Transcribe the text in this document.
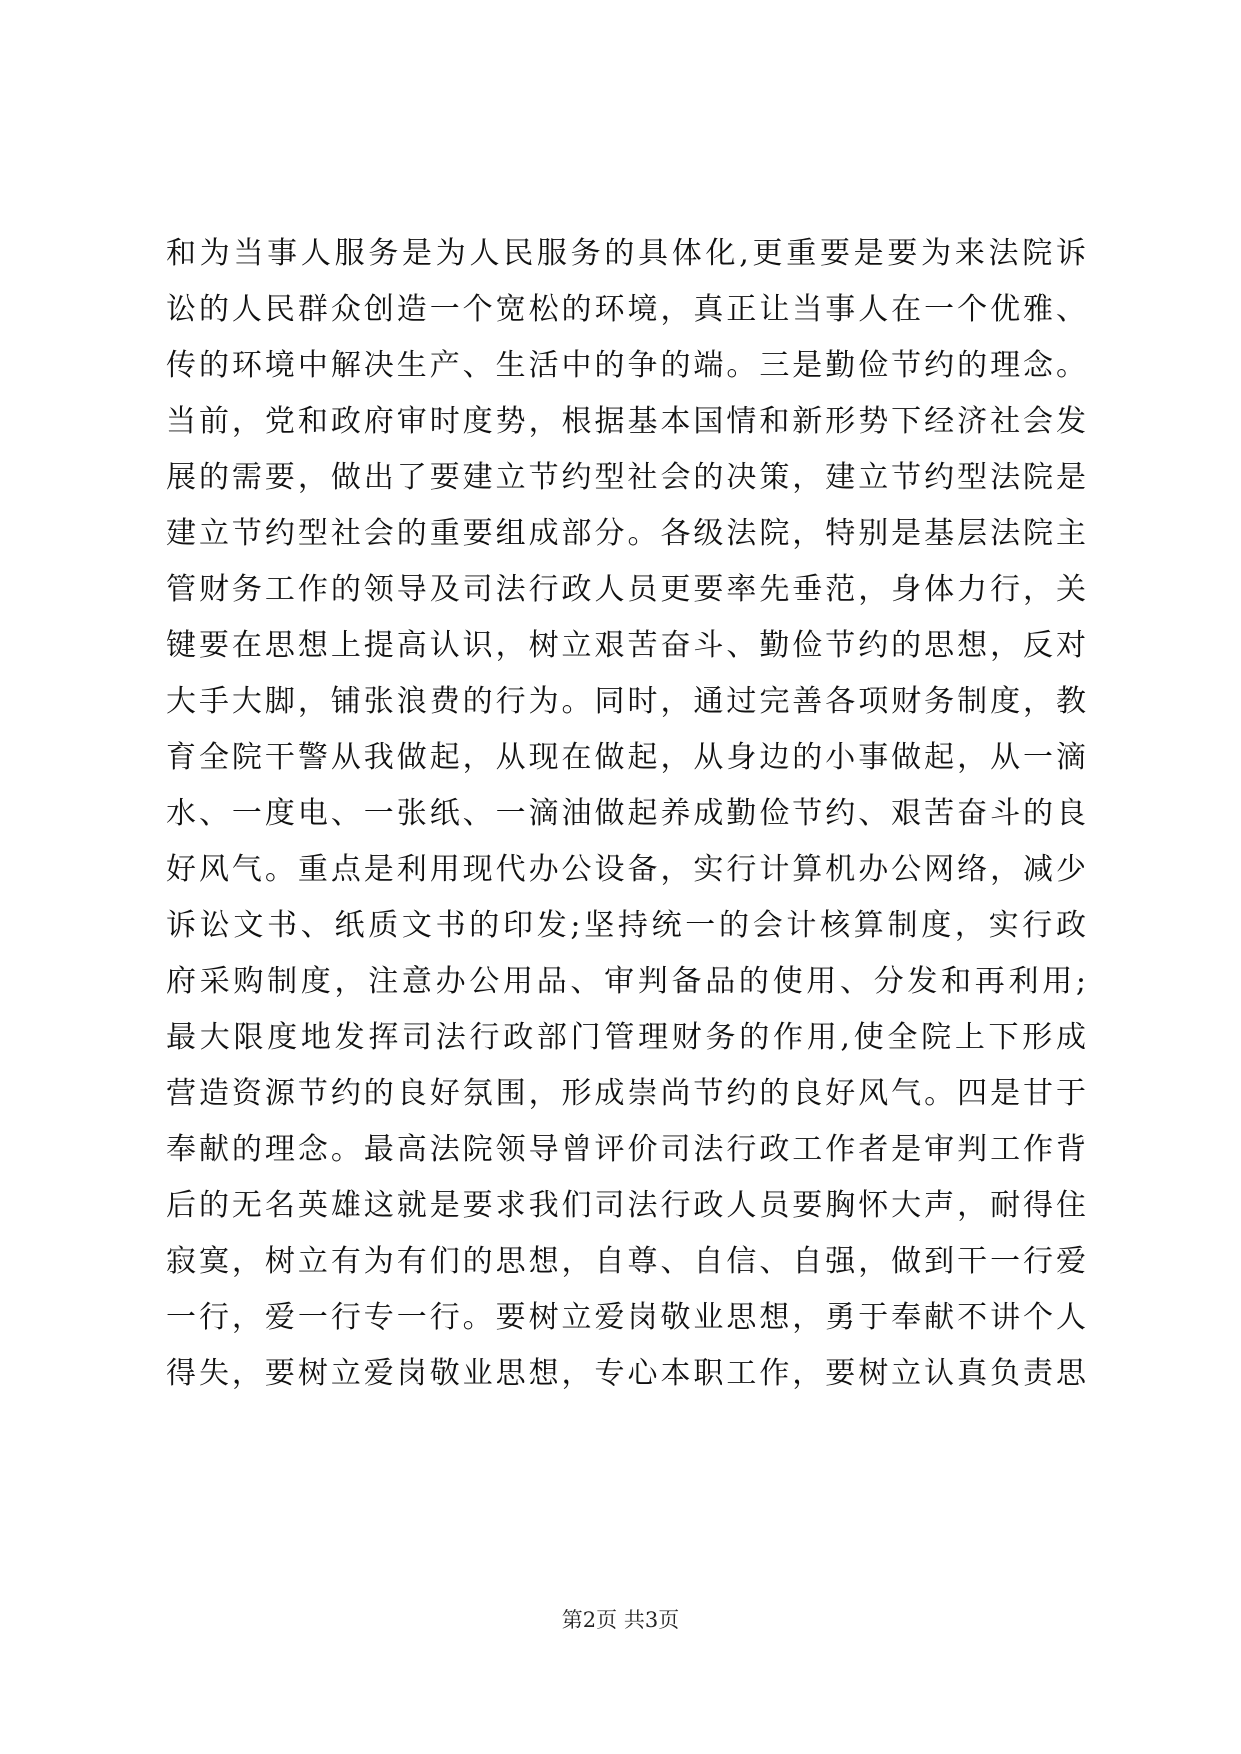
和为当事人服务是为人民服务的具体化,更重要是要为来法院诉
讼的人民群众创造一个宽松的环境，真正让当事人在一个优雅、
传的环境中解决生产、生活中的争的端。三是勤俭节约的理念。
当前，党和政府审时度势，根据基本国情和新形势下经济社会发
展的需要，做出了要建立节约型社会的决策，建立节约型法院是
建立节约型社会的重要组成部分。各级法院，特别是基层法院主
管财务工作的领导及司法行政人员更要率先垂范，身体力行，关
键要在思想上提高认识，树立艰苦奋斗、勤俭节约的思想，反对
大手大脚，铺张浪费的行为。同时，通过完善各项财务制度，教
育全院干警从我做起，从现在做起，从身边的小事做起，从一滴
水、一度电、一张纸、一滴油做起养成勤俭节约、艰苦奋斗的良
好风气。重点是利用现代办公设备，实行计算机办公网络，减少
诉讼文书、纸质文书的印发;坚持统一的会计核算制度，实行政
府采购制度，注意办公用品、审判备品的使用、分发和再利用;
最大限度地发挥司法行政部门管理财务的作用,使全院上下形成
营造资源节约的良好氛围，形成崇尚节约的良好风气。四是甘于
奉献的理念。最高法院领导曾评价司法行政工作者是审判工作背
后的无名英雄这就是要求我们司法行政人员要胸怀大声，耐得住
寂寞，树立有为有们的思想，自尊、自信、自强，做到干一行爱
一行，爱一行专一行。要树立爱岗敬业思想，勇于奉献不讲个人
得失，要树立爱岗敬业思想，专心本职工作，要树立认真负责思
第2页 共3页
